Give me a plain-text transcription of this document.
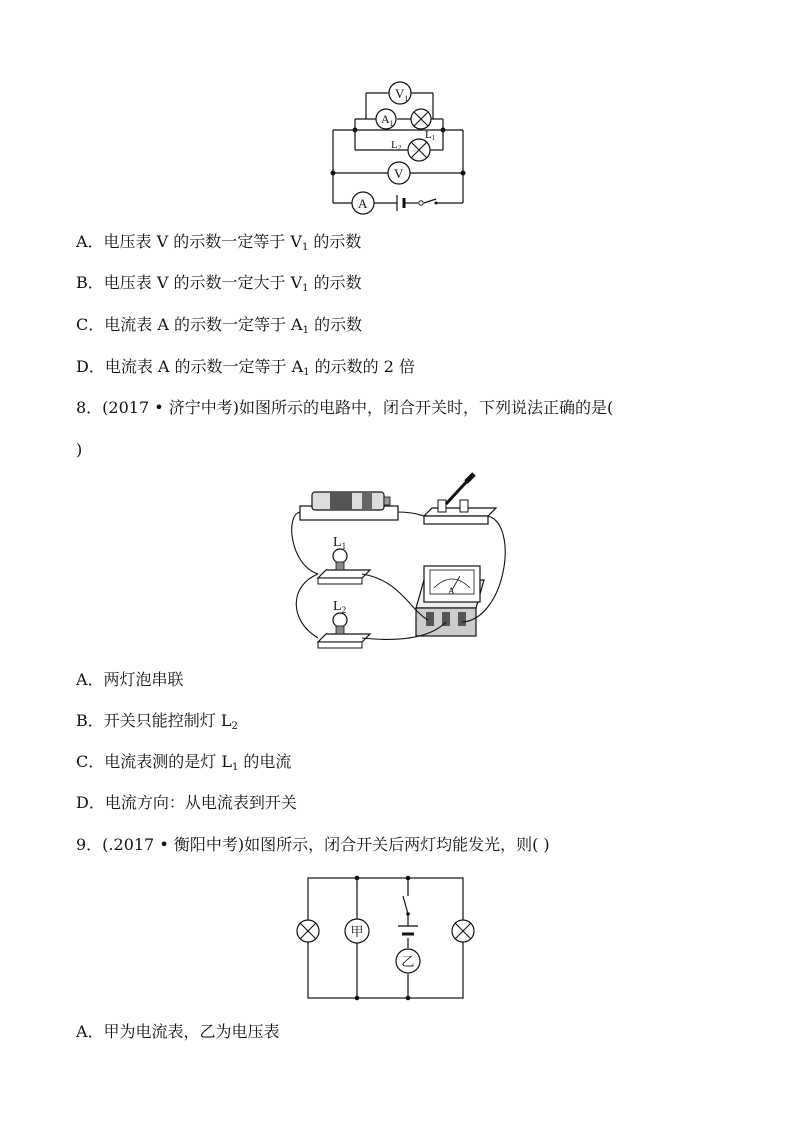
$V_1$
$A_1$
L1
L2
V
A
A．电压表 V 的示数一定等于 $V_1$ 的示数
B．电压表 V 的示数一定大于 $V_1$ 的示数
C．电流表 A 的示数一定等于 $A_1$ 的示数
D．电流表 A 的示数一定等于 $A_1$ 的示数的 2 倍
8．(2017 • 济宁中考)如图所示的电路中，闭合开关时，下列说法正确的是(
)
$L_1$
$L_2$
A
A．两灯泡串联
B．开关只能控制灯 $L_2$
C．电流表测的是灯 $L_1$ 的电流
D．电流方向：从电流表到开关
9．(.2017 • 衡阳中考)如图所示，闭合开关后两灯均能发光，则( )
甲
乙
A．甲为电流表，乙为电压表
